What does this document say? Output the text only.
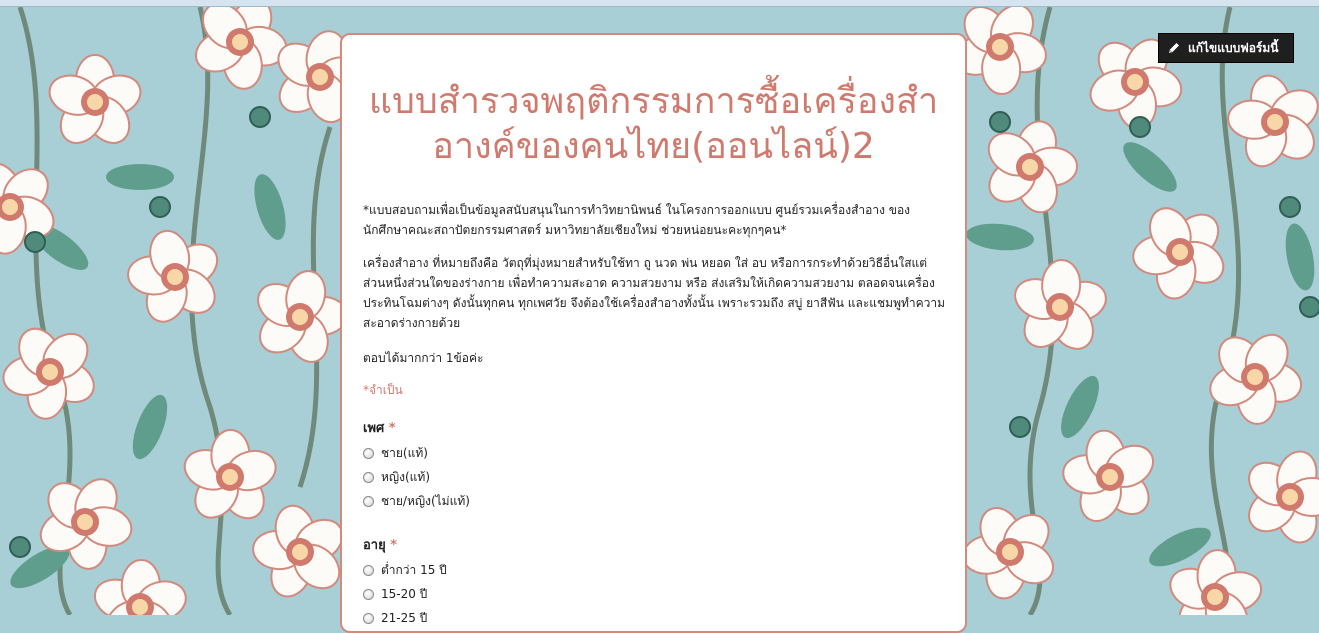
แก้ไขแบบฟอร์มนี้
แบบสำรวจพฤติกรรมการซื้อเครื่องสำอางค์ของคนไทย(ออนไลน์)2

*แบบสอบถามเพื่อเป็นข้อมูลสนับสนุนในการทำวิทยานิพนธ์ ในโครงการออกแบบ ศูนย์รวมเครื่องสำอาง ของนักศึกษาคณะสถาปัตยกรรมศาสตร์ มหาวิทยาลัยเชียงใหม่ ช่วยหน่อยนะคะทุกๆคน*

เครื่องสำอาง ที่หมายถึงคือ วัตถุที่มุ่งหมายสำหรับใช้ทา ถู นวด พ่น หยอด ใส่ อบ หรือการกระทำด้วยวิธีอื่นใสแต่ส่วนหนึ่งส่วนใดของร่างกาย เพื่อทำความสะอาด ความสวยงาม หรือ ส่งเสริมให้เกิดความสวยงาม ตลอดจนเครื่องประทินโฉมต่างๆ ดังนั้นทุกคน ทุกเพศวัย จึงต้องใช้เครื่องสำอางทั้งนั้น เพราะรวมถึง สบู่ ยาสีฟัน และแชมพูทำความสะอาดร่างกายด้วย

ตอบได้มากกว่า 1ข้อค่ะ

*จำเป็น
เพศ *
ชาย(แท้)
หญิง(แท้)
ชาย/หญิง(ไม่แท้)
อายุ *
ต่ำกว่า 15 ปี
15-20 ปี
21-25 ปี
